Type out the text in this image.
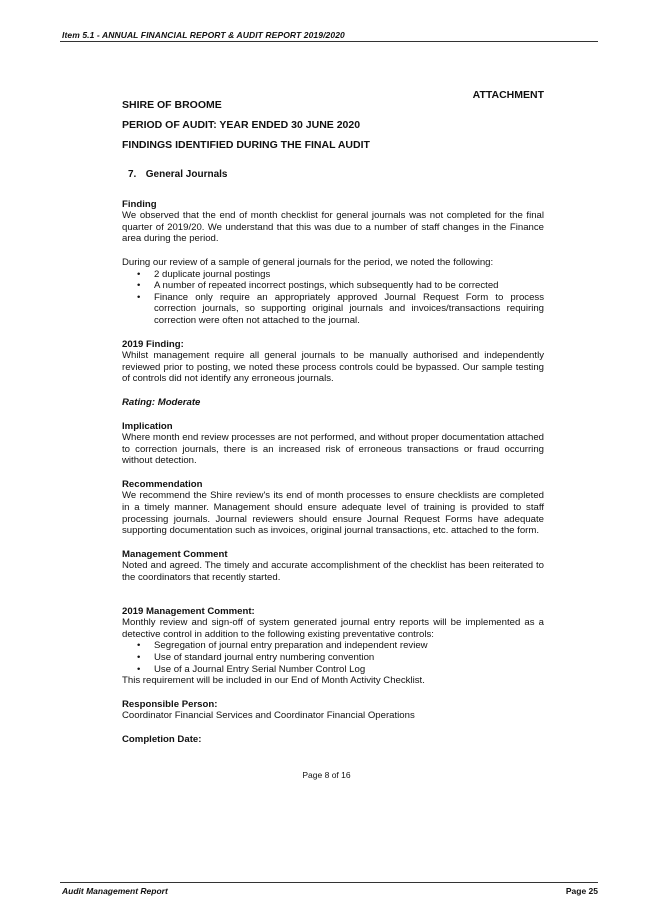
Item 5.1 - ANNUAL FINANCIAL REPORT & AUDIT REPORT 2019/2020
ATTACHMENT

SHIRE OF BROOME

PERIOD OF AUDIT: YEAR ENDED 30 JUNE 2020

FINDINGS IDENTIFIED DURING THE FINAL AUDIT

7. General Journals

Finding

We observed that the end of month checklist for general journals was not completed for the final quarter of 2019/20. We understand that this was due to a number of staff changes in the Finance area during the period.

During our review of a sample of general journals for the period, we noted the following:

• 2 duplicate journal postings
• A number of repeated incorrect postings, which subsequently had to be corrected
• Finance only require an appropriately approved Journal Request Form to process correction journals, so supporting original journals and invoices/transactions requiring correction were often not attached to the journal.

2019 Finding:

Whilst management require all general journals to be manually authorised and independently reviewed prior to posting, we noted these process controls could be bypassed. Our sample testing of controls did not identify any erroneous journals.

Rating: Moderate

Implication

Where month end review processes are not performed, and without proper documentation attached to correction journals, there is an increased risk of erroneous transactions or fraud occurring without detection.

Recommendation

We recommend the Shire review's its end of month processes to ensure checklists are completed in a timely manner. Management should ensure adequate level of training is provided to staff processing journals. Journal reviewers should ensure Journal Request Forms have adequate supporting documentation such as invoices, original journal transactions, etc. attached to the form.

Management Comment

Noted and agreed. The timely and accurate accomplishment of the checklist has been reiterated to the coordinators that recently started.

2019 Management Comment:

Monthly review and sign-off of system generated journal entry reports will be implemented as a detective control in addition to the following existing preventative controls:

• Segregation of journal entry preparation and independent review
• Use of standard journal entry numbering convention
• Use of a Journal Entry Serial Number Control Log

This requirement will be included in our End of Month Activity Checklist.

Responsible Person:

Coordinator Financial Services and Coordinator Financial Operations

Completion Date:

Page 8 of 16
Audit Management Report	Page 25
